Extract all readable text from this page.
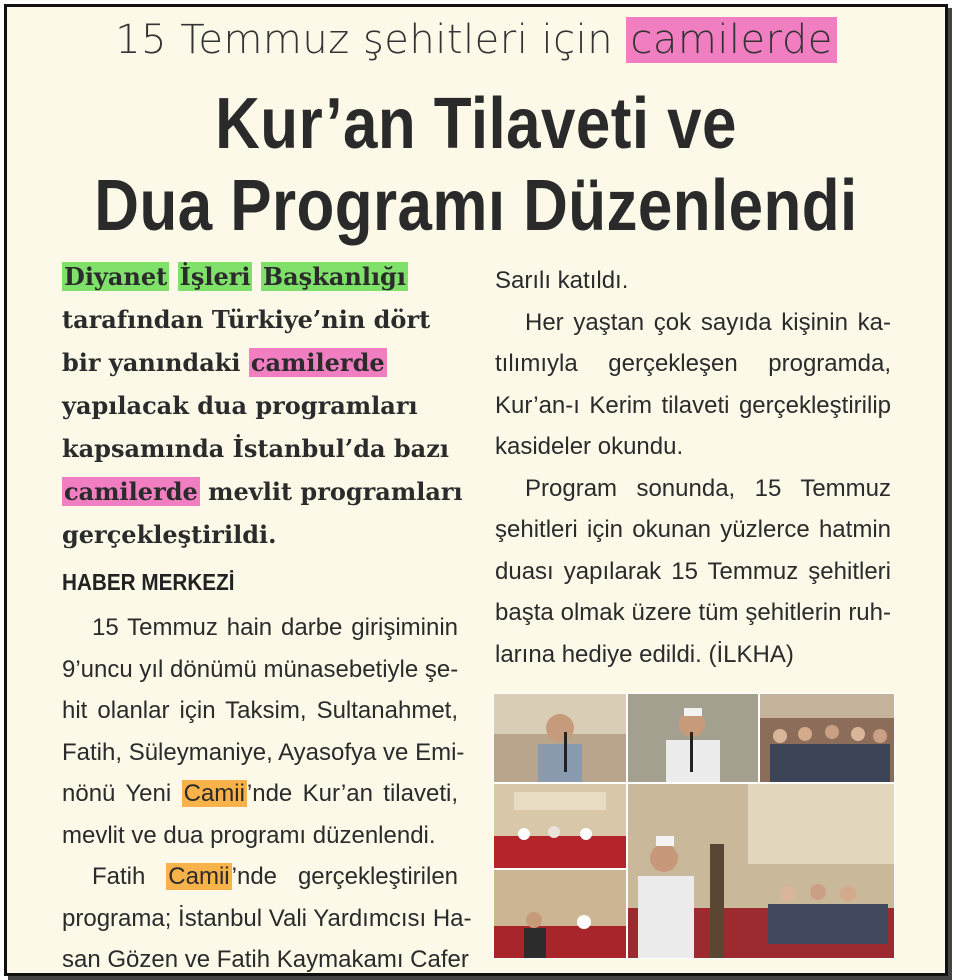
15 Temmuz şehitleri için camilerde
Kur’an Tilaveti ve
Dua Programı Düzenlendi
Diyanet İşleri Başkanlığı
tarafından Türkiye’nin dört
bir yanındaki camilerde
yapılacak dua programları
kapsamında İstanbul’da bazı
camilerde mevlit programları
gerçekleştirildi.
HABER MERKEZİ
15 Temmuz hain darbe girişiminin
9’uncu yıl dönümü münasebetiyle şe-
hit olanlar için Taksim, Sultanahmet,
Fatih, Süleymaniye, Ayasofya ve Emi-
nönü Yeni Camii’nde Kur’an tilaveti,
mevlit ve dua programı düzenlendi.
Fatih Camii’nde gerçekleştirilen
programa; İstanbul Vali Yardımcısı Ha-
san Gözen ve Fatih Kaymakamı Cafer
Sarılı katıldı.
Her yaştan çok sayıda kişinin ka-
tılımıyla gerçekleşen programda,
Kur’an-ı Kerim tilaveti gerçekleştirilip
kasideler okundu.
Program sonunda, 15 Temmuz
şehitleri için okunan yüzlerce hatmin
duası yapılarak 15 Temmuz şehitleri
başta olmak üzere tüm şehitlerin ruh-
larına hediye edildi. (İLKHA)
